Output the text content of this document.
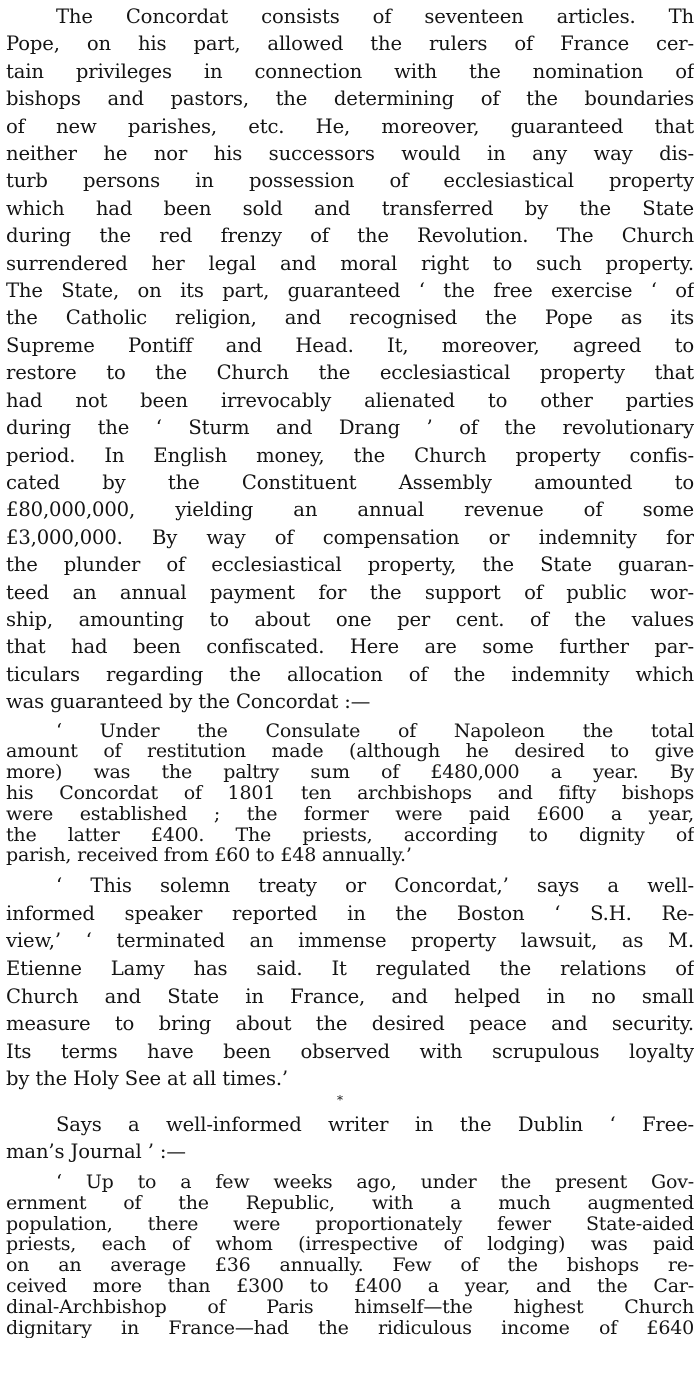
The Concordat consists of seventeen articles. Th
Pope, on his part, allowed the rulers of France cer-
tain privileges in connection with the nomination of
bishops and pastors, the determining of the boundaries
of new parishes, etc. He, moreover, guaranteed that
neither he nor his successors would in any way dis-
turb persons in possession of ecclesiastical property
which had been sold and transferred by the State
during the red frenzy of the Revolution. The Church
surrendered her legal and moral right to such property.
The State, on its part, guaranteed ‘ the free exercise ‘ of
the Catholic religion, and recognised the Pope as its
Supreme Pontiff and Head. It, moreover, agreed to
restore to the Church the ecclesiastical property that
had not been irrevocably alienated to other parties
during the ‘ Sturm and Drang ’ of the revolutionary
period. In English money, the Church property confis-
cated by the Constituent Assembly amounted to
£80,000,000, yielding an annual revenue of some
£3,000,000. By way of compensation or indemnity for
the plunder of ecclesiastical property, the State guaran-
teed an annual payment for the support of public wor-
ship, amounting to about one per cent. of the values
that had been confiscated. Here are some further par-
ticulars regarding the allocation of the indemnity which
was guaranteed by the Concordat :—
‘ Under the Consulate of Napoleon the total
amount of restitution made (although he desired to give
more) was the paltry sum of £480,000 a year. By
his Concordat of 1801 ten archbishops and fifty bishops
were established ; the former were paid £600 a year,
the latter £400. The priests, according to dignity of
parish, received from £60 to £48 annually.’
‘ This solemn treaty or Concordat,’ says a well-
informed speaker reported in the Boston ‘ S.H. Re-
view,’ ‘ terminated an immense property lawsuit, as M.
Etienne Lamy has said. It regulated the relations of
Church and State in France, and helped in no small
measure to bring about the desired peace and security.
Its terms have been observed with scrupulous loyalty
by the Holy See at all times.’
*
Says a well-informed writer in the Dublin ‘ Free-
man’s Journal ’ :—
‘ Up to a few weeks ago, under the present Gov-
ernment of the Republic, with a much augmented
population, there were proportionately fewer State-aided
priests, each of whom (irrespective of lodging) was paid
on an average £36 annually. Few of the bishops re-
ceived more than £300 to £400 a year, and the Car-
dinal-Archbishop of Paris himself—the highest Church
dignitary in France—had the ridiculous income of £640
